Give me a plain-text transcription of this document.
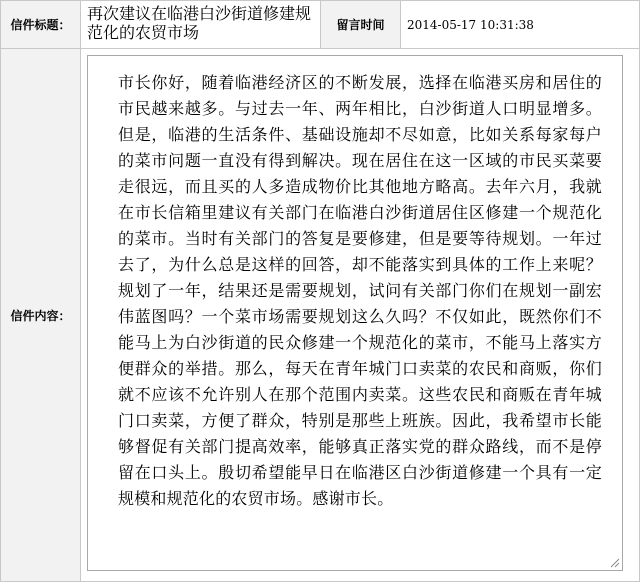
信件标题：
再次建议在临港白沙街道修建规范化的农贸市场	留言时间	2014-05-17 10:31:38
信件内容：
市长你好，随着临港经济区的不断发展，选择在临港买房和居住的市民越来越多。与过去一年、两年相比，白沙街道人口明显增多。但是，临港的生活条件、基础设施却不尽如意，比如关系每家每户的菜市问题一直没有得到解决。现在居住在这一区域的市民买菜要走很远，而且买的人多造成物价比其他地方略高。去年六月，我就在市长信箱里建议有关部门在临港白沙街道居住区修建一个规范化的菜市。当时有关部门的答复是要修建，但是要等待规划。一年过去了，为什么总是这样的回答，却不能落实到具体的工作上来呢？规划了一年，结果还是需要规划，试问有关部门你们在规划一副宏伟蓝图吗？一个菜市场需要规划这么久吗？不仅如此，既然你们不能马上为白沙街道的民众修建一个规范化的菜市，不能马上落实方便群众的举措。那么，每天在青年城门口卖菜的农民和商贩，你们就不应该不允许别人在那个范围内卖菜。这些农民和商贩在青年城门口卖菜，方便了群众，特别是那些上班族。因此，我希望市长能够督促有关部门提高效率，能够真正落实党的群众路线，而不是停留在口头上。殷切希望能早日在临港区白沙街道修建一个具有一定规模和规范化的农贸市场。感谢市长。
